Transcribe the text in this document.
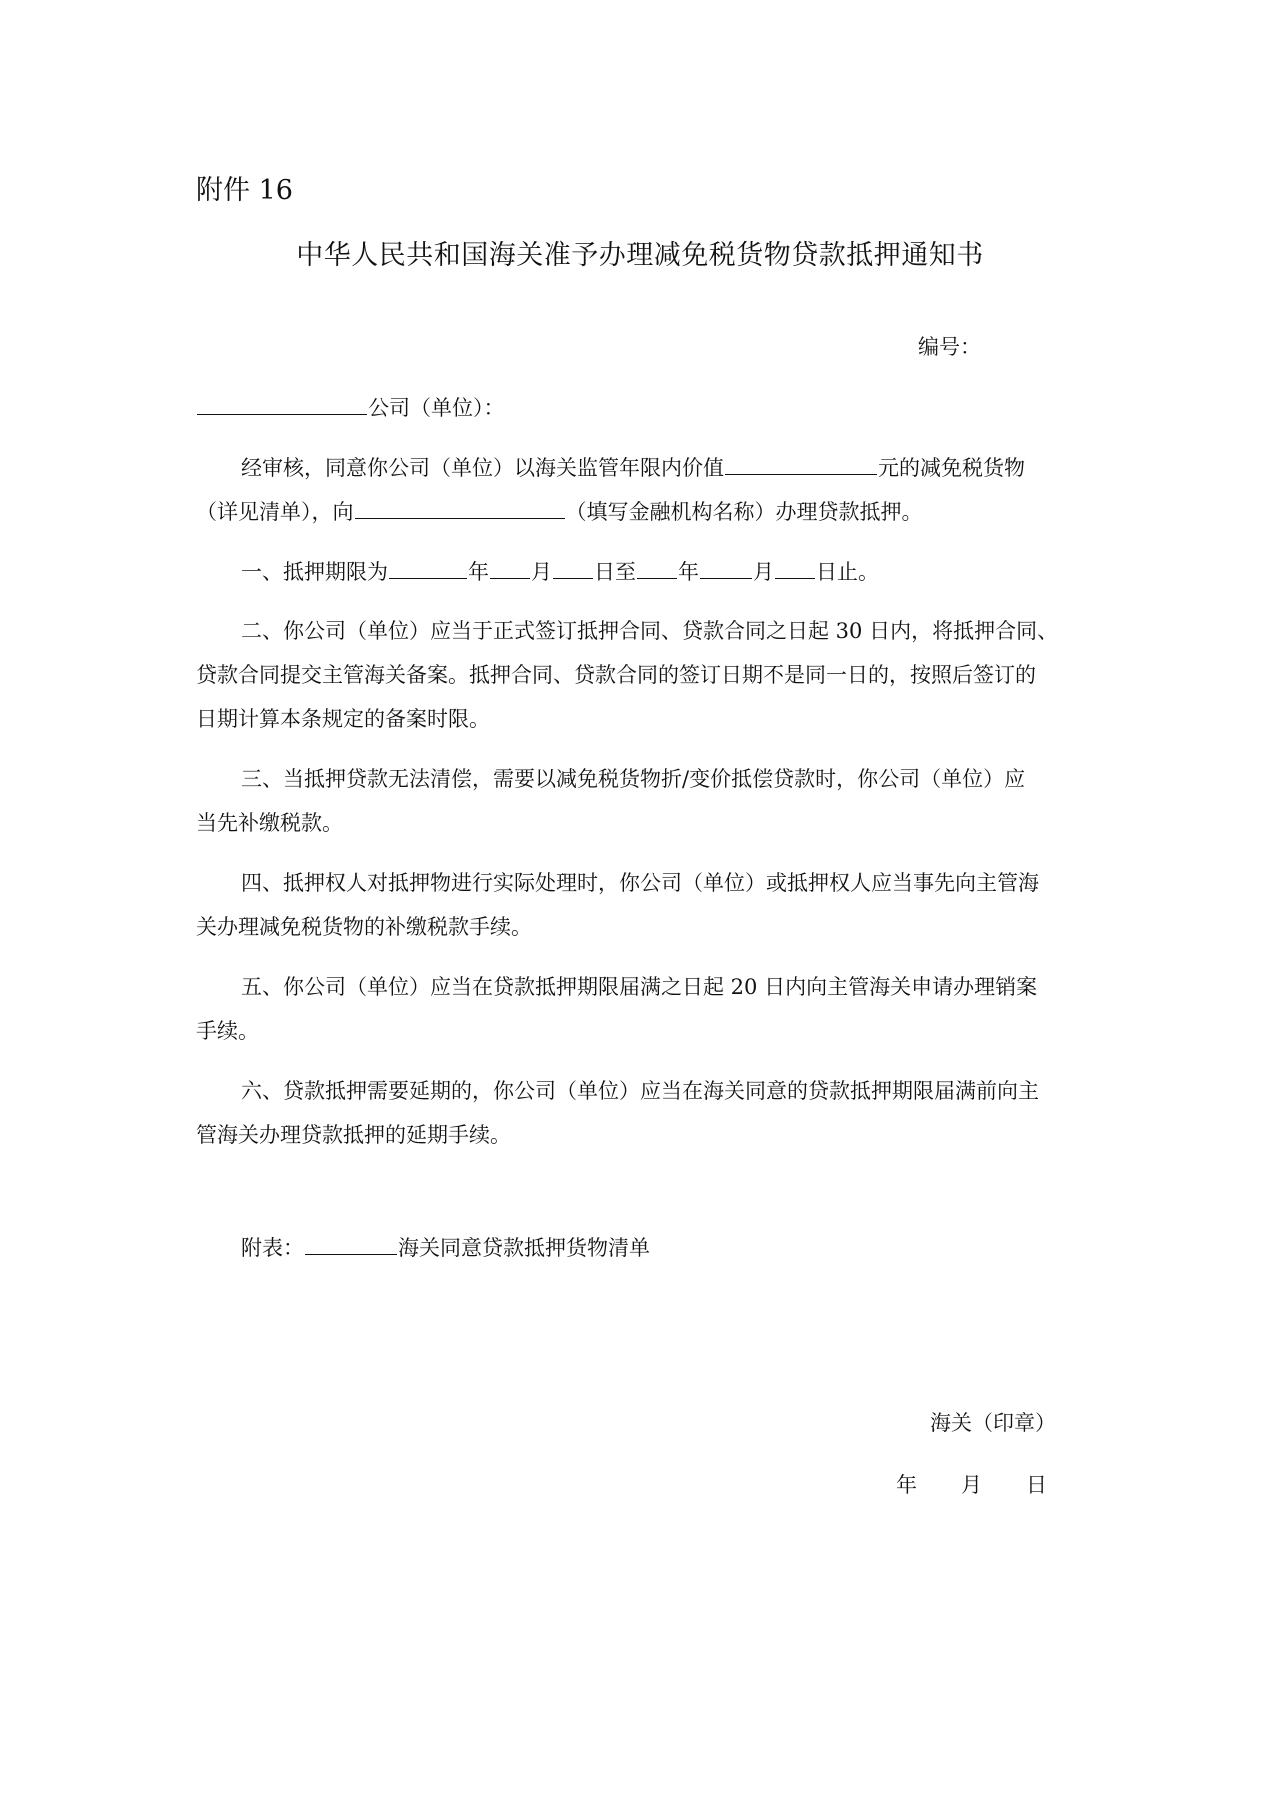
附件 16
中华人民共和国海关准予办理减免税货物贷款抵押通知书
编号：
公司（单位）：
经审核，同意你公司（单位）以海关监管年限内价值	元的减免税货物
（详见清单），向	（填写金融机构名称）办理贷款抵押。
一、抵押期限为	年 月 日至 年	月 日止。
二、你公司（单位）应当于正式签订抵押合同、贷款合同之日起 30 日内，将抵押合同、
贷款合同提交主管海关备案。抵押合同、贷款合同的签订日期不是同一日的，按照后签订的
日期计算本条规定的备案时限。
三、当抵押贷款无法清偿，需要以减免税货物折/变价抵偿贷款时，你公司（单位）应
当先补缴税款。
四、抵押权人对抵押物进行实际处理时，你公司（单位）或抵押权人应当事先向主管海
关办理减免税货物的补缴税款手续。
五、你公司（单位）应当在贷款抵押期限届满之日起 20 日内向主管海关申请办理销案
手续。
六、贷款抵押需要延期的，你公司（单位）应当在海关同意的贷款抵押期限届满前向主
管海关办理贷款抵押的延期手续。
附表：	海关同意贷款抵押货物清单
海关（印章）
年 月 日
